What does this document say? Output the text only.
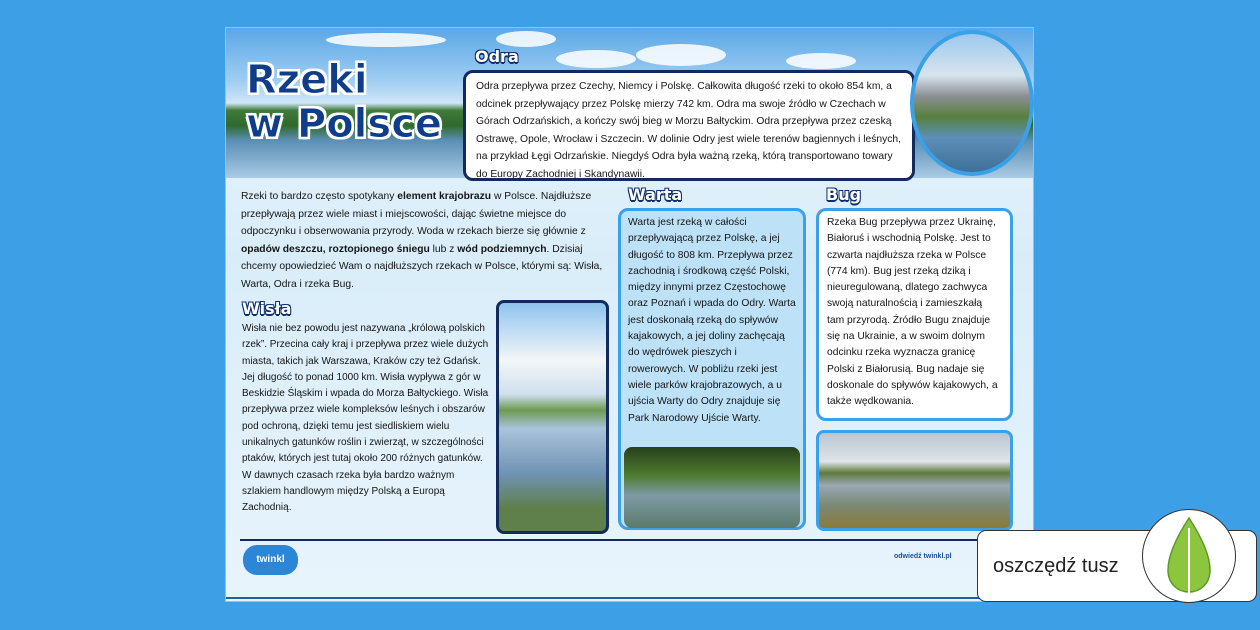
Rzeki
w Polsce
Odra
Odra przepływa przez Czechy, Niemcy i Polskę. Całkowita długość rzeki to około 854 km, a odcinek przepływający przez Polskę mierzy 742 km. Odra ma swoje źródło w Czechach w Górach Odrzańskich, a kończy swój bieg w Morzu Bałtyckim. Odra przepływa przez czeską Ostrawę, Opole, Wrocław i Szczecin. W dolinie Odry jest wiele terenów bagiennych i leśnych, na przykład Łęgi Odrzańskie. Niegdyś Odra była ważną rzeką, którą transportowano towary do Europy Zachodniej i Skandynawii.
Rzeki to bardzo często spotykany element krajobrazu w Polsce. Najdłuższe przepływają przez wiele miast i miejscowości, dając świetne miejsce do odpoczynku i obserwowania przyrody. Woda w rzekach bierze się głównie z opadów deszczu, roztopionego śniegu lub z wód podziemnych. Dzisiaj chcemy opowiedzieć Wam o najdłuższych rzekach w Polsce, którymi są: Wisła, Warta, Odra i rzeka Bug.
Wisła
Wisła nie bez powodu jest nazywana „królową polskich rzek”. Przecina cały kraj i przepływa przez wiele dużych miasta, takich jak Warszawa, Kraków czy też Gdańsk. Jej długość to ponad 1000 km. Wisła wypływa z gór w Beskidzie Śląskim i wpada do Morza Bałtyckiego. Wisła przepływa przez wiele kompleksów leśnych i obszarów pod ochroną, dzięki temu jest siedliskiem wielu unikalnych gatunków roślin i zwierząt, w szczególności ptaków, których jest tutaj około 200 różnych gatunków. W dawnych czasach rzeka była bardzo ważnym szlakiem handlowym między Polską a Europą Zachodnią.
Warta
Warta jest rzeką w całości przepływającą przez Polskę, a jej długość to 808 km. Przepływa przez zachodnią i środkową część Polski, między innymi przez Częstochowę oraz Poznań i wpada do Odry. Warta jest doskonałą rzeką do spływów kajakowych, a jej doliny zachęcają do wędrówek pieszych i rowerowych. W pobliżu rzeki jest wiele parków krajobrazowych, a u ujścia Warty do Odry znajduje się Park Narodowy Ujście Warty.
Bug
Rzeka Bug przepływa przez Ukrainę, Białoruś i wschodnią Polskę. Jest to czwarta najdłuższa rzeka w Polsce (774 km). Bug jest rzeką dziką i nieuregulowaną, dlatego zachwyca swoją naturalnością i zamieszkałą tam przyrodą. Źródło Bugu znajduje się na Ukrainie, a w swoim dolnym odcinku rzeka wyznacza granicę Polski z Białorusią. Bug nadaje się doskonale do spływów kajakowych, a także wędkowania.
twinkl	odwiedź twinkl.pl oszczędź tusz
